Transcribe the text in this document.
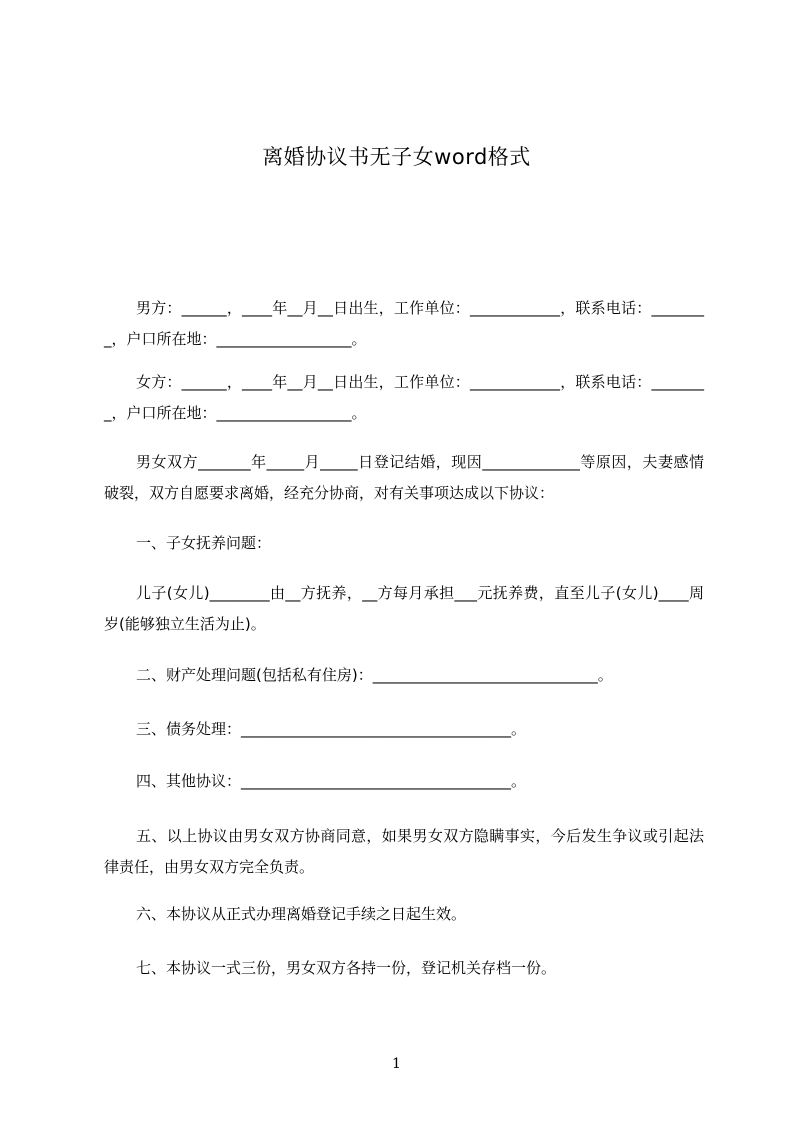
离婚协议书无子女word格式

男方：______，____年__月__日出生，工作单位：____________，联系电话：________，户口所在地：__________________。

女方：______，____年__月__日出生，工作单位：____________，联系电话：________，户口所在地：__________________。

男女双方_______年_____月_____日登记结婚，现因_____________等原因，夫妻感情破裂，双方自愿要求离婚，经充分协商，对有关事项达成以下协议：

一、子女抚养问题：

儿子(女儿)________由__方抚养，__方每月承担___元抚养费，直至儿子(女儿)____周岁(能够独立生活为止)。

二、财产处理问题(包括私有住房)：______________________________。

三、债务处理：____________________________________。

四、其他协议：____________________________________。

五、以上协议由男女双方协商同意，如果男女双方隐瞒事实，今后发生争议或引起法律责任，由男女双方完全负责。

六、本协议从正式办理离婚登记手续之日起生效。

七、本协议一式三份，男女双方各持一份，登记机关存档一份。

1
